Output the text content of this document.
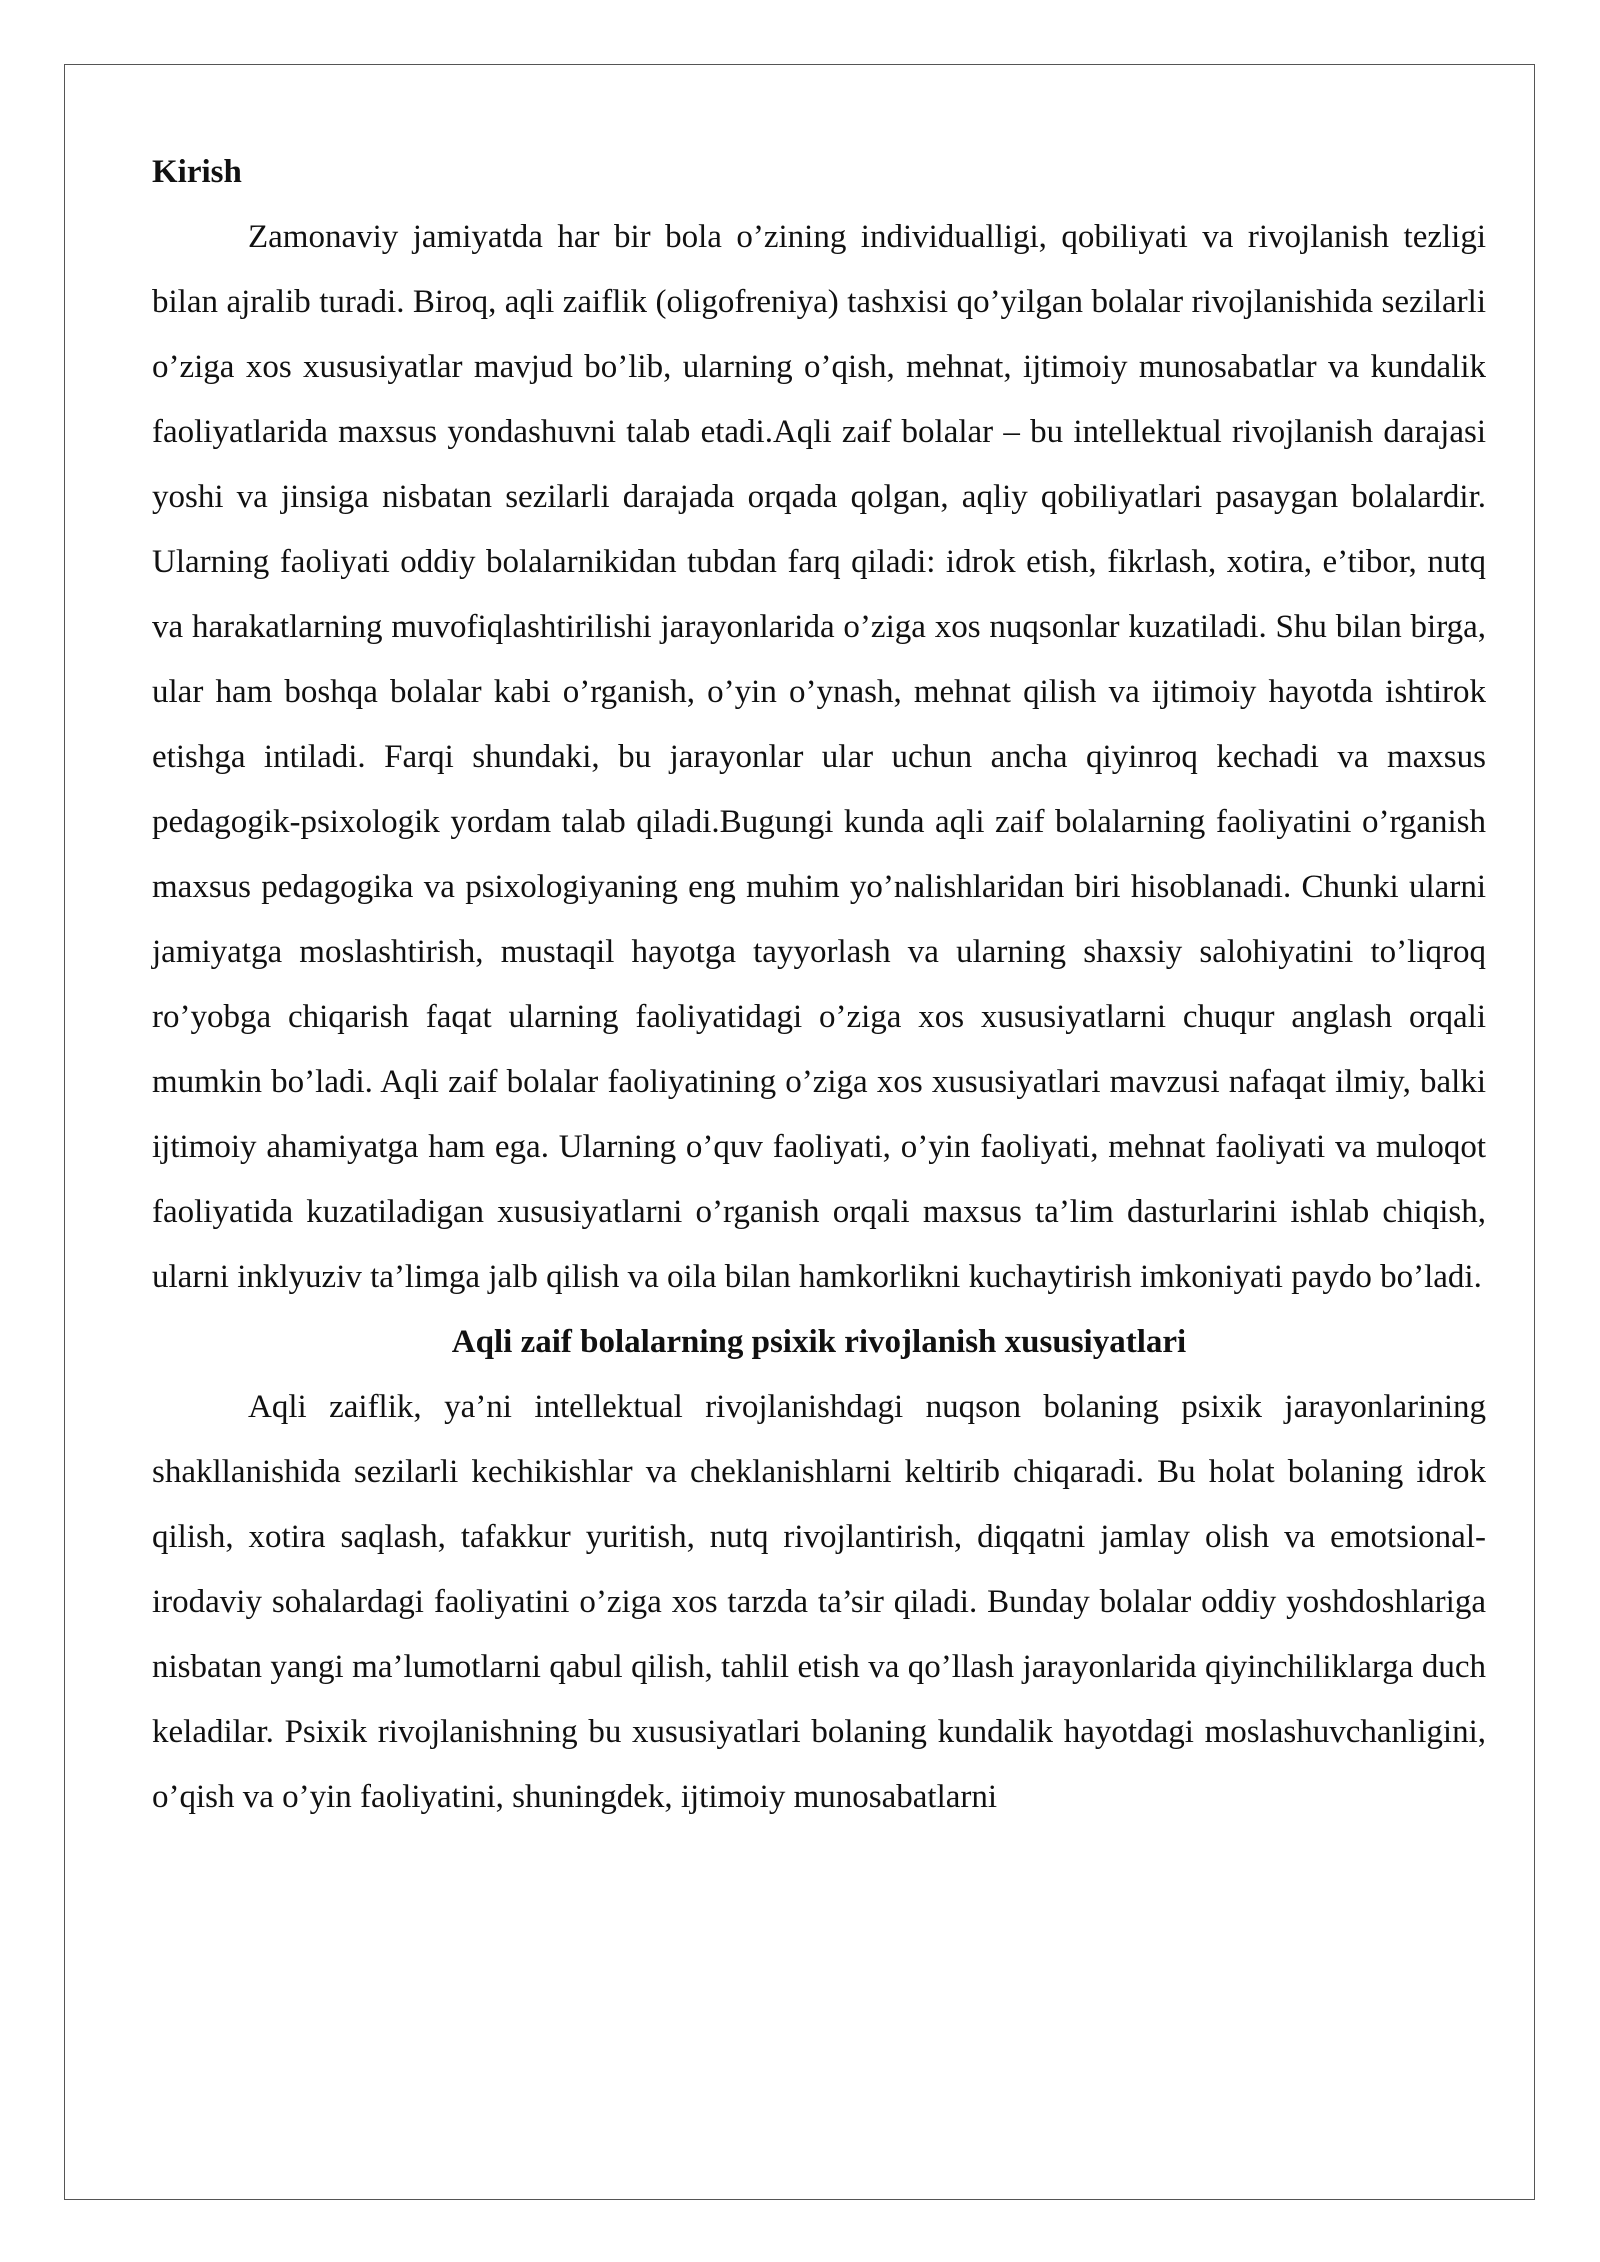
Kirish

Zamonaviy jamiyatda har bir bola o’zining individualligi, qobiliyati va rivojlanish tezligi bilan ajralib turadi. Biroq, aqli zaiflik (oligofreniya) tashxisi qo’yilgan bolalar rivojlanishida sezilarli o’ziga xos xususiyatlar mavjud bo’lib, ularning o’qish, mehnat, ijtimoiy munosabatlar va kundalik faoliyatlarida maxsus yondashuvni talab etadi.Aqli zaif bolalar – bu intellektual rivojlanish darajasi yoshi va jinsiga nisbatan sezilarli darajada orqada qolgan, aqliy qobiliyatlari pasaygan bolalardir. Ularning faoliyati oddiy bolalarnikidan tubdan farq qiladi: idrok etish, fikrlash, xotira, e’tibor, nutq va harakatlarning muvofiqlashtirilishi jarayonlarida o’ziga xos nuqsonlar kuzatiladi. Shu bilan birga, ular ham boshqa bolalar kabi o’rganish, o’yin o’ynash, mehnat qilish va ijtimoiy hayotda ishtirok etishga intiladi. Farqi shundaki, bu jarayonlar ular uchun ancha qiyinroq kechadi va maxsus pedagogik-psixologik yordam talab qiladi.Bugungi kunda aqli zaif bolalarning faoliyatini o’rganish maxsus pedagogika va psixologiyaning eng muhim yo’nalishlaridan biri hisoblanadi. Chunki ularni jamiyatga moslashtirish, mustaqil hayotga tayyorlash va ularning shaxsiy salohiyatini to’liqroq ro’yobga chiqarish faqat ularning faoliyatidagi o’ziga xos xususiyatlarni chuqur anglash orqali mumkin bo’ladi. Aqli zaif bolalar faoliyatining o’ziga xos xususiyatlari mavzusi nafaqat ilmiy, balki ijtimoiy ahamiyatga ham ega. Ularning o’quv faoliyati, o’yin faoliyati, mehnat faoliyati va muloqot faoliyatida kuzatiladigan xususiyatlarni o’rganish orqali maxsus ta’lim dasturlarini ishlab chiqish, ularni inklyuziv ta’limga jalb qilish va oila bilan hamkorlikni kuchaytirish imkoniyati paydo bo’ladi.

Aqli zaif bolalarning psixik rivojlanish xususiyatlari

Aqli zaiflik, ya’ni intellektual rivojlanishdagi nuqson bolaning psixik jarayonlarining shakllanishida sezilarli kechikishlar va cheklanishlarni keltirib chiqaradi. Bu holat bolaning idrok qilish, xotira saqlash, tafakkur yuritish, nutq rivojlantirish, diqqatni jamlay olish va emotsional-irodaviy sohalardagi faoliyatini o’ziga xos tarzda ta’sir qiladi. Bunday bolalar oddiy yoshdoshlariga nisbatan yangi ma’lumotlarni qabul qilish, tahlil etish va qo’llash jarayonlarida qiyinchiliklarga duch keladilar. Psixik rivojlanishning bu xususiyatlari bolaning kundalik hayotdagi moslashuvchanligini, o’qish va o’yin faoliyatini, shuningdek, ijtimoiy munosabatlarni
